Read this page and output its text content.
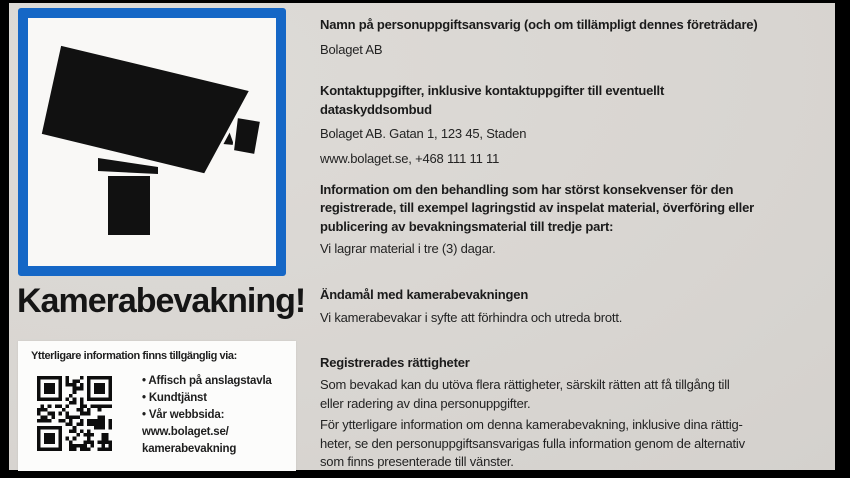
Kamerabevakning!
Ytterligare information finns tillgänglig via:
• Affisch på anslagstavla
• Kundtjänst
• Vår webbsida:
www.bolaget.se/
kamerabevakning
Namn på personuppgiftsansvarig (och om tillämpligt dennes företrädare)
Bolaget AB
Kontaktuppgifter, inklusive kontaktuppgifter till eventuellt
dataskyddsombud
Bolaget AB. Gatan 1, 123 45, Staden
www.bolaget.se, +468 111 11 11
Information om den behandling som har störst konsekvenser för den
registrerade, till exempel lagringstid av inspelat material, överföring eller
publicering av bevakningsmaterial till tredje part:
Vi lagrar material i tre (3) dagar.
Ändamål med kamerabevakningen
Vi kamerabevakar i syfte att förhindra och utreda brott.
Registrerades rättigheter
Som bevakad kan du utöva flera rättigheter, särskilt rätten att få tillgång till
eller radering av dina personuppgifter.
För ytterligare information om denna kamerabevakning, inklusive dina rättig-
heter, se den personuppgiftsansvarigas fulla information genom de alternativ
som finns presenterade till vänster.
